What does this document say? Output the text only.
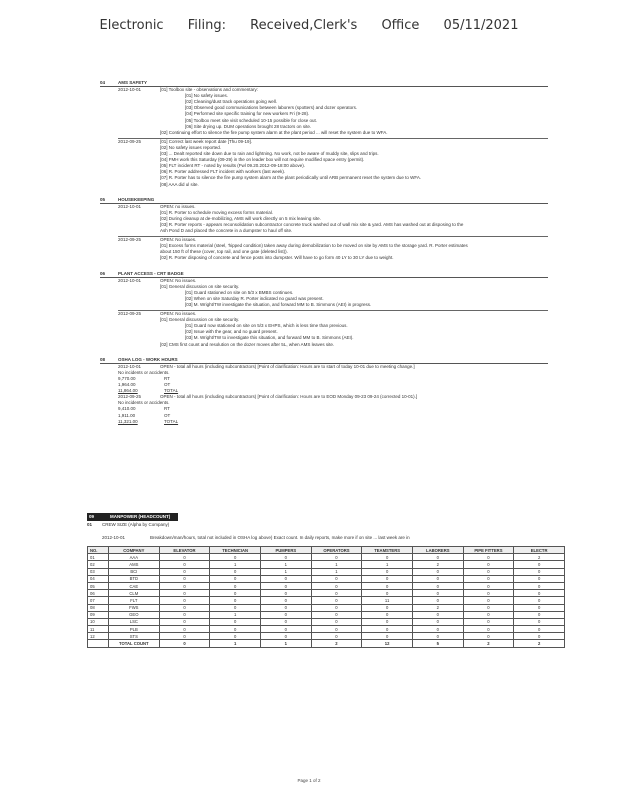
Electronic Filing: Received,Clerk's Office 05/11/2021
04	AMS SAFETY
2012-10-01	[01] Toolbox site - observations and commentary:
[01] No safety issues.
[02] Cleaning/dust track operations going well.
[03] Observed good communications between laborers (spotters) and dozer operators.
[04] Performed site specific training for new workers Fri (9-28).
[05] Toolbox meet site visit scheduled 10-15 possible for close out.
[06] Site drying up. DUM operations brought 28 tractors on site.
[02] Continuing effort to silence the fire pump system alarm at the plant period ... will reset the system due to WFA.
2012-09-25	[01] Correct last week report date [Thu 09-19].
[02] No safety issues reported.
[03] ... Dealt reported site down due to rain and lightning. No work, not be aware of muddy site, slips and trips.
[04] FMH work this Saturday (09-29) in the on leader box will not require modified space entry (permit).
[05] FLT incident RT - noted by results (Fwl 09.20.2012-09-18:00 above).
[06] R. Porter addressed FLT incident with workers (last week).
[07] R. Porter has to silence the fire pump system alarm at the plant periodically until ARB permanent reset the system due to WFA.
[08] AAA did ul site.
05	HOUSEKEEPING
2012-10-01	OPEN: no issues.
[01] R. Porter to schedule moving excess forms material.
[02] During cleanup at de-mobilizing, AMS will work directly on 5 mix leaving site.
[03] R. Porter reports - appears reconsolidation subcontractor concrete truck washed out of wall mix site & yard. AMS has washed out at disposing to the
Ash Pond D and placed the concrete in a dumpster to haul off site.
2012-09-25	OPEN: No issues.
[01] Excess forms material (steel, 'hipped condition) taken away during demobilization to be moved on site by AMS to the storage yard. R. Porter estimates
about 150 ft of these (cover, top rail, and one gate (deleted list)).
[02] R. Porter disposing of concrete and fence posts into dumpster. Will have to go form 40 LY to 30 LY due to weight.
06	PLANT ACCESS - CRT BADGE
2012-10-01	OPEN: No issues.
[01] General discussion on site security.
[01] Guard stationed on site on 5/3 x BMBS continues.
[02] When on site Saturday R. Porter indicated no guard was present.
[03] M. Wright/TW investigate the situation, and forward MM to B. Simmons (AEI) in progress.
2012-09-25	OPEN: No issues.
[01] General discussion on site security.
[01] Guard now stationed on site on 5/3 x EHPS, which is less time than previous.
[02] Issue with the gear, and no guard present.
[03] M. Wright/TW to investigate this situation, and forward MM to B. Simmons (AEI).
[02] CMS first count and resolution on the dozer moves after 5L, when AMS leaves site.
08	OSHA LOG - WORK HOURS
2012-10-01	OPEN - total all hours (including subcontractors) [Point of clarification: Hours are to start of today 10-01 due to meeting change.]
No incidents or accidents.
9,770.00	RT
1,964.00	OT
11,864.00	TOTAL
2012-09-25	OPEN - total all hours (including subcontractors) [Point of clarification: Hours are to EOD Monday 09-23 09-24 (corrected 10-01).]
No incidents or accidents.
9,410.00	RT
1,911.00	OT
11,321.00	TOTAL
09	MANPOWER (HEADCOUNT)
01	CREW SIZE (Alpha by Company)
2012-10-01	Breakdown/man/hours, total not included in OSHA log above) Exact count. In daily reports, make more if on site ... last week are in
NO.	COMPANY	ELEVATOR	TECHNICIAN	PUMPERS	OPERATORS	TEAMSTERS	LABORERS	PIPE FITTERS	ELECTR
01	AAA	0	0	0	0	0	0	0	2
02	AMS	0	1	1	1	1	2	0	0
03	BCI	0	0	1	1	0	0	0	0
04	BTD	0	0	0	0	0	0	0	0
05	CAE	0	0	0	0	0	0	0	0
06	CLM	0	0	0	0	0	0	0	0
07	FLT	0	0	0	0	11	0	0	0
08	FWS	0	0	0	0	0	2	0	0
09	GEO	0	1	0	0	0	0	0	0
10	LSC	0	0	0	0	0	0	0	0
11	PLB	0	0	0	0	0	0	0	0
12	STS	0	0	0	0	0	0	0	0
	TOTAL COUNT	0	1	1	2	12	5	2	2
Page 1 of 2
